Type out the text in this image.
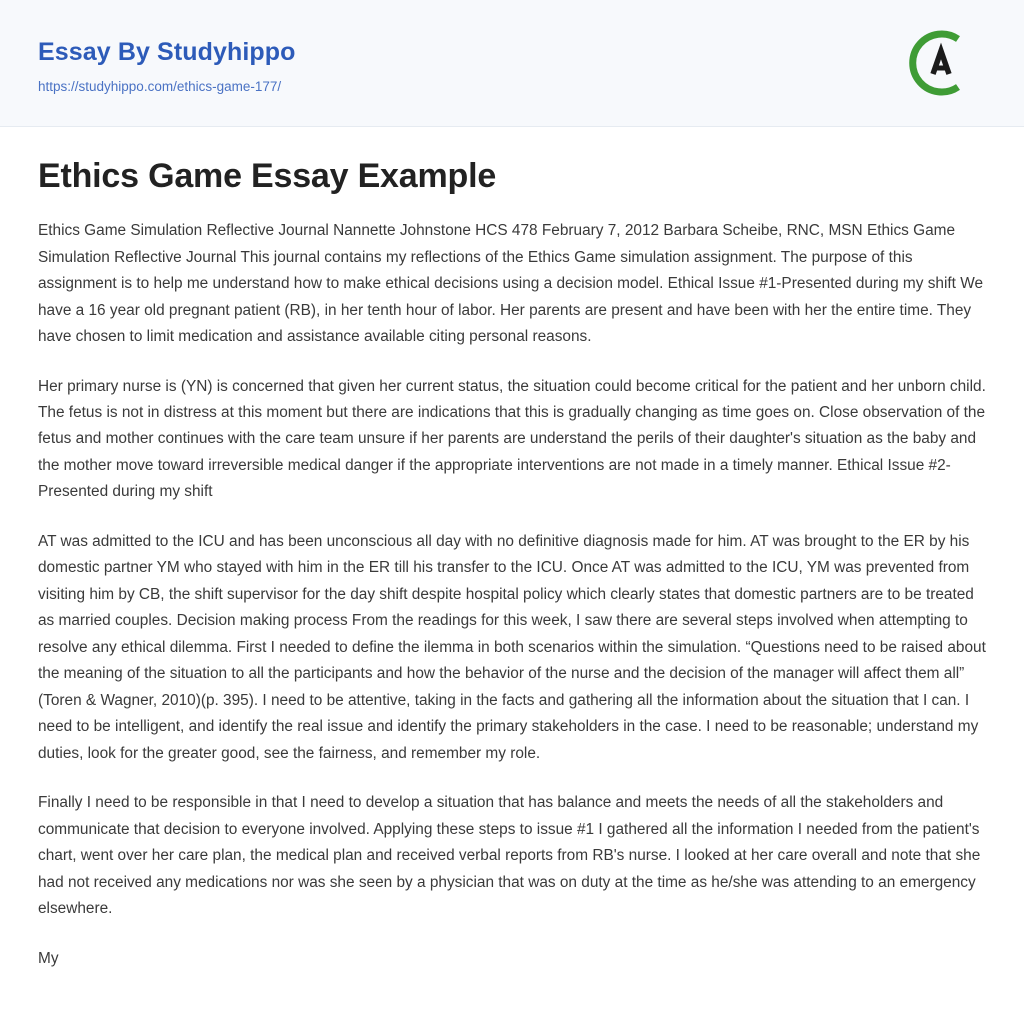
Essay By Studyhippo
https://studyhippo.com/ethics-game-177/
Ethics Game Essay Example

Ethics Game Simulation Reflective Journal Nannette Johnstone HCS 478 February 7, 2012 Barbara Scheibe, RNC, MSN Ethics Game Simulation Reflective Journal This journal contains my reflections of the Ethics Game simulation assignment. The purpose of this assignment is to help me understand how to make ethical decisions using a decision model. Ethical Issue #1-Presented during my shift We have a 16 year old pregnant patient (RB), in her tenth hour of labor. Her parents are present and have been with her the entire time. They have chosen to limit medication and assistance available citing personal reasons.

Her primary nurse is (YN) is concerned that given her current status, the situation could become critical for the patient and her unborn child. The fetus is not in distress at this moment but there are indications that this is gradually changing as time goes on. Close observation of the fetus and mother continues with the care team unsure if her parents are understand the perils of their daughter's situation as the baby and the mother move toward irreversible medical danger if the appropriate interventions are not made in a timely manner. Ethical Issue #2-Presented during my shift

AT was admitted to the ICU and has been unconscious all day with no definitive diagnosis made for him. AT was brought to the ER by his domestic partner YM who stayed with him in the ER till his transfer to the ICU. Once AT was admitted to the ICU, YM was prevented from visiting him by CB, the shift supervisor for the day shift despite hospital policy which clearly states that domestic partners are to be treated as married couples. Decision making process From the readings for this week, I saw there are several steps involved when attempting to resolve any ethical dilemma. First I needed to define the ilemma in both scenarios within the simulation. “Questions need to be raised about the meaning of the situation to all the participants and how the behavior of the nurse and the decision of the manager will affect them all” (Toren & Wagner, 2010)(p. 395). I need to be attentive, taking in the facts and gathering all the information about the situation that I can. I need to be intelligent, and identify the real issue and identify the primary stakeholders in the case. I need to be reasonable; understand my duties, look for the greater good, see the fairness, and remember my role.

Finally I need to be responsible in that I need to develop a situation that has balance and meets the needs of all the stakeholders and communicate that decision to everyone involved. Applying these steps to issue #1 I gathered all the information I needed from the patient's chart, went over her care plan, the medical plan and received verbal reports from RB's nurse. I looked at her care overall and note that she had not received any medications nor was she seen by a physician that was on duty at the time as he/she was attending to an emergency elsewhere.

My
